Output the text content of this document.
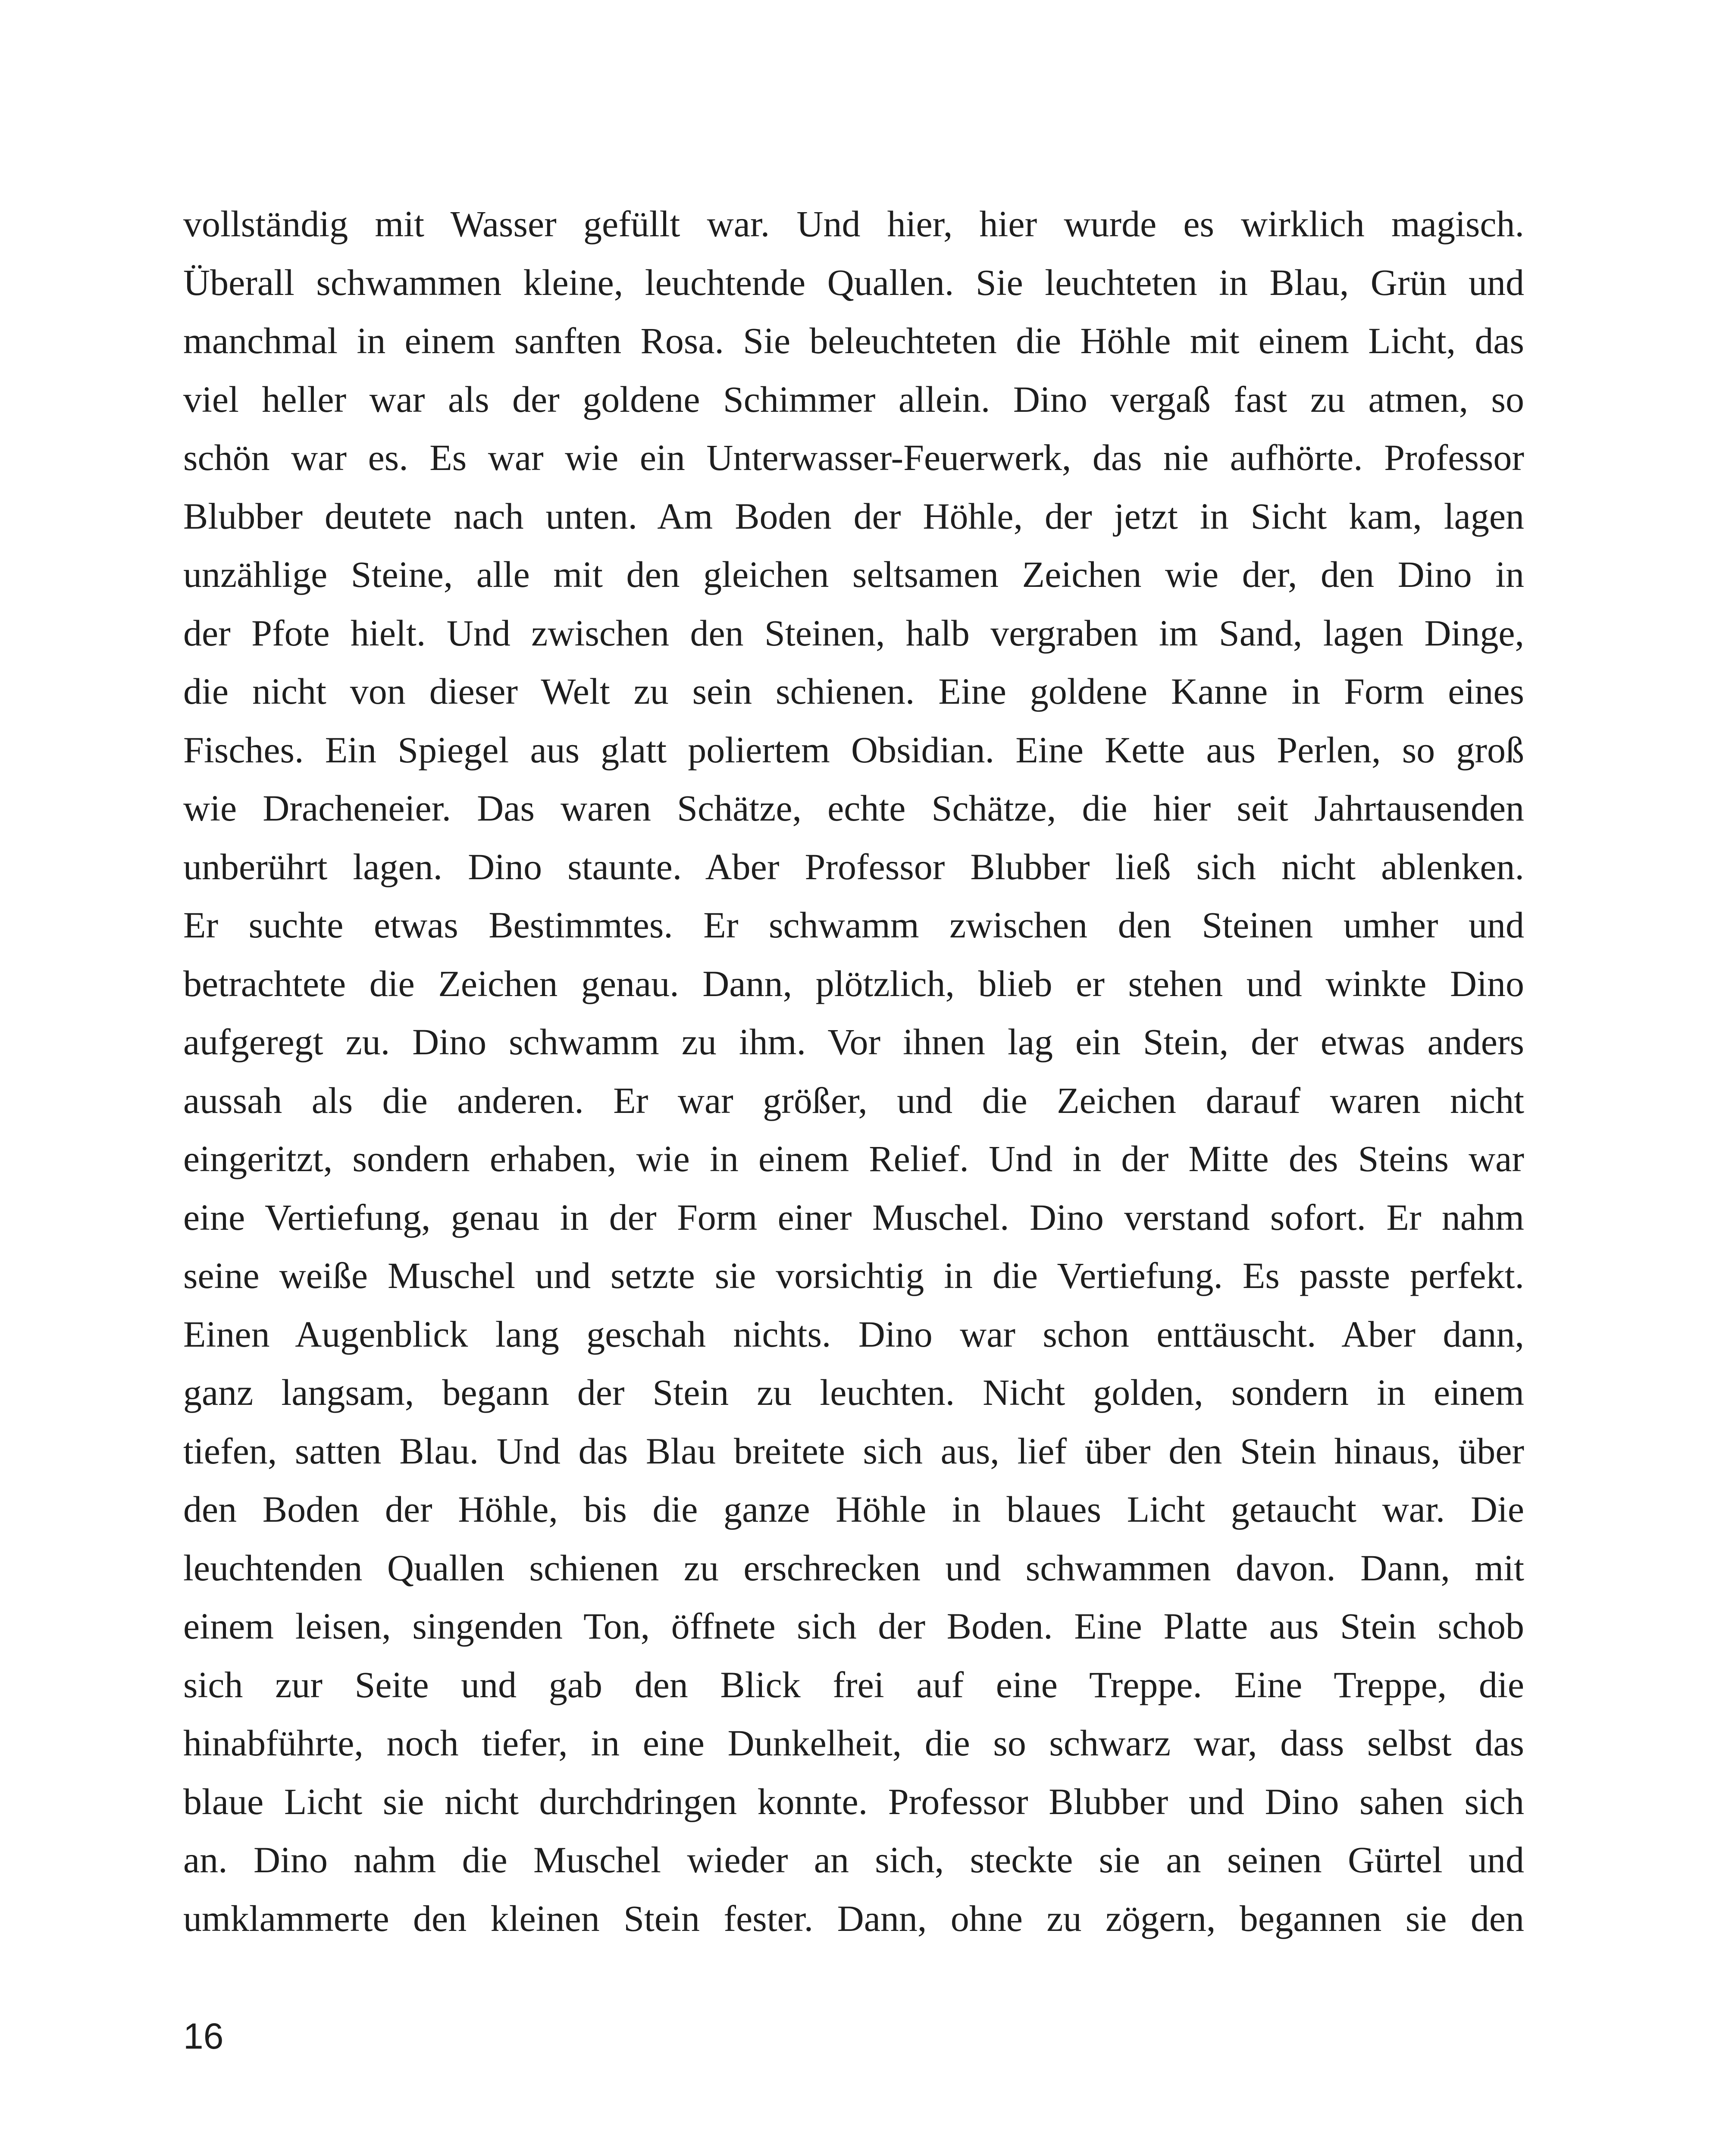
vollständig mit Wasser gefüllt war. Und hier, hier wurde es wirklich magisch.
Überall schwammen kleine, leuchtende Quallen. Sie leuchteten in Blau, Grün und
manchmal in einem sanften Rosa. Sie beleuchteten die Höhle mit einem Licht, das
viel heller war als der goldene Schimmer allein. Dino vergaß fast zu atmen, so
schön war es. Es war wie ein Unterwasser-Feuerwerk, das nie aufhörte. Professor
Blubber deutete nach unten. Am Boden der Höhle, der jetzt in Sicht kam, lagen
unzählige Steine, alle mit den gleichen seltsamen Zeichen wie der, den Dino in
der Pfote hielt. Und zwischen den Steinen, halb vergraben im Sand, lagen Dinge,
die nicht von dieser Welt zu sein schienen. Eine goldene Kanne in Form eines
Fisches. Ein Spiegel aus glatt poliertem Obsidian. Eine Kette aus Perlen, so groß
wie Dracheneier. Das waren Schätze, echte Schätze, die hier seit Jahrtausenden
unberührt lagen. Dino staunte. Aber Professor Blubber ließ sich nicht ablenken.
Er suchte etwas Bestimmtes. Er schwamm zwischen den Steinen umher und
betrachtete die Zeichen genau. Dann, plötzlich, blieb er stehen und winkte Dino
aufgeregt zu. Dino schwamm zu ihm. Vor ihnen lag ein Stein, der etwas anders
aussah als die anderen. Er war größer, und die Zeichen darauf waren nicht
eingeritzt, sondern erhaben, wie in einem Relief. Und in der Mitte des Steins war
eine Vertiefung, genau in der Form einer Muschel. Dino verstand sofort. Er nahm
seine weiße Muschel und setzte sie vorsichtig in die Vertiefung. Es passte perfekt.
Einen Augenblick lang geschah nichts. Dino war schon enttäuscht. Aber dann,
ganz langsam, begann der Stein zu leuchten. Nicht golden, sondern in einem
tiefen, satten Blau. Und das Blau breitete sich aus, lief über den Stein hinaus, über
den Boden der Höhle, bis die ganze Höhle in blaues Licht getaucht war. Die
leuchtenden Quallen schienen zu erschrecken und schwammen davon. Dann, mit
einem leisen, singenden Ton, öffnete sich der Boden. Eine Platte aus Stein schob
sich zur Seite und gab den Blick frei auf eine Treppe. Eine Treppe, die
hinabführte, noch tiefer, in eine Dunkelheit, die so schwarz war, dass selbst das
blaue Licht sie nicht durchdringen konnte. Professor Blubber und Dino sahen sich
an. Dino nahm die Muschel wieder an sich, steckte sie an seinen Gürtel und
umklammerte den kleinen Stein fester. Dann, ohne zu zögern, begannen sie den

16
